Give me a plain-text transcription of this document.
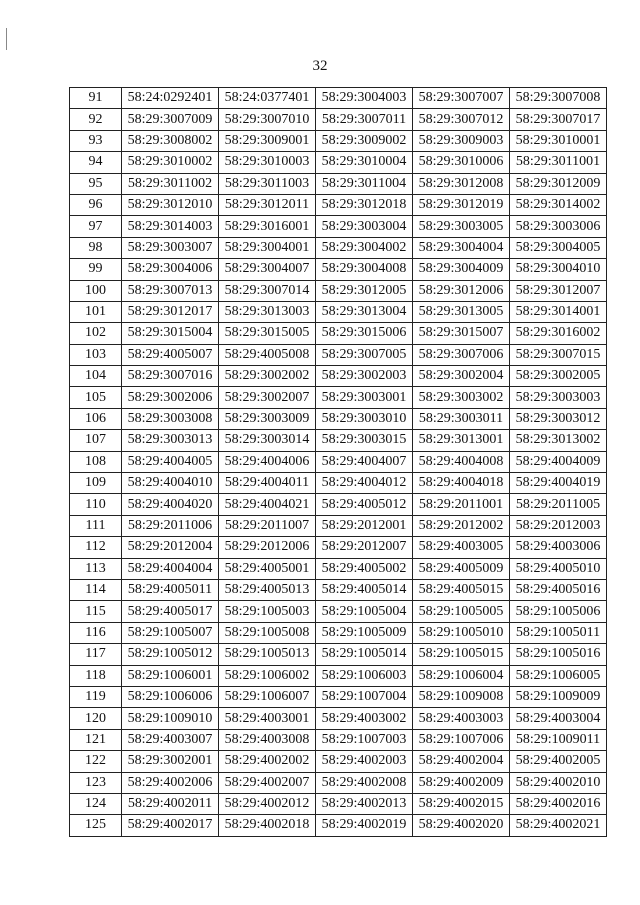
32
91	58:24:0292401	58:24:0377401	58:29:3004003	58:29:3007007	58:29:3007008
92	58:29:3007009	58:29:3007010	58:29:3007011	58:29:3007012	58:29:3007017
93	58:29:3008002	58:29:3009001	58:29:3009002	58:29:3009003	58:29:3010001
94	58:29:3010002	58:29:3010003	58:29:3010004	58:29:3010006	58:29:3011001
95	58:29:3011002	58:29:3011003	58:29:3011004	58:29:3012008	58:29:3012009
96	58:29:3012010	58:29:3012011	58:29:3012018	58:29:3012019	58:29:3014002
97	58:29:3014003	58:29:3016001	58:29:3003004	58:29:3003005	58:29:3003006
98	58:29:3003007	58:29:3004001	58:29:3004002	58:29:3004004	58:29:3004005
99	58:29:3004006	58:29:3004007	58:29:3004008	58:29:3004009	58:29:3004010
100	58:29:3007013	58:29:3007014	58:29:3012005	58:29:3012006	58:29:3012007
101	58:29:3012017	58:29:3013003	58:29:3013004	58:29:3013005	58:29:3014001
102	58:29:3015004	58:29:3015005	58:29:3015006	58:29:3015007	58:29:3016002
103	58:29:4005007	58:29:4005008	58:29:3007005	58:29:3007006	58:29:3007015
104	58:29:3007016	58:29:3002002	58:29:3002003	58:29:3002004	58:29:3002005
105	58:29:3002006	58:29:3002007	58:29:3003001	58:29:3003002	58:29:3003003
106	58:29:3003008	58:29:3003009	58:29:3003010	58:29:3003011	58:29:3003012
107	58:29:3003013	58:29:3003014	58:29:3003015	58:29:3013001	58:29:3013002
108	58:29:4004005	58:29:4004006	58:29:4004007	58:29:4004008	58:29:4004009
109	58:29:4004010	58:29:4004011	58:29:4004012	58:29:4004018	58:29:4004019
110	58:29:4004020	58:29:4004021	58:29:4005012	58:29:2011001	58:29:2011005
111	58:29:2011006	58:29:2011007	58:29:2012001	58:29:2012002	58:29:2012003
112	58:29:2012004	58:29:2012006	58:29:2012007	58:29:4003005	58:29:4003006
113	58:29:4004004	58:29:4005001	58:29:4005002	58:29:4005009	58:29:4005010
114	58:29:4005011	58:29:4005013	58:29:4005014	58:29:4005015	58:29:4005016
115	58:29:4005017	58:29:1005003	58:29:1005004	58:29:1005005	58:29:1005006
116	58:29:1005007	58:29:1005008	58:29:1005009	58:29:1005010	58:29:1005011
117	58:29:1005012	58:29:1005013	58:29:1005014	58:29:1005015	58:29:1005016
118	58:29:1006001	58:29:1006002	58:29:1006003	58:29:1006004	58:29:1006005
119	58:29:1006006	58:29:1006007	58:29:1007004	58:29:1009008	58:29:1009009
120	58:29:1009010	58:29:4003001	58:29:4003002	58:29:4003003	58:29:4003004
121	58:29:4003007	58:29:4003008	58:29:1007003	58:29:1007006	58:29:1009011
122	58:29:3002001	58:29:4002002	58:29:4002003	58:29:4002004	58:29:4002005
123	58:29:4002006	58:29:4002007	58:29:4002008	58:29:4002009	58:29:4002010
124	58:29:4002011	58:29:4002012	58:29:4002013	58:29:4002015	58:29:4002016
125	58:29:4002017	58:29:4002018	58:29:4002019	58:29:4002020	58:29:4002021
